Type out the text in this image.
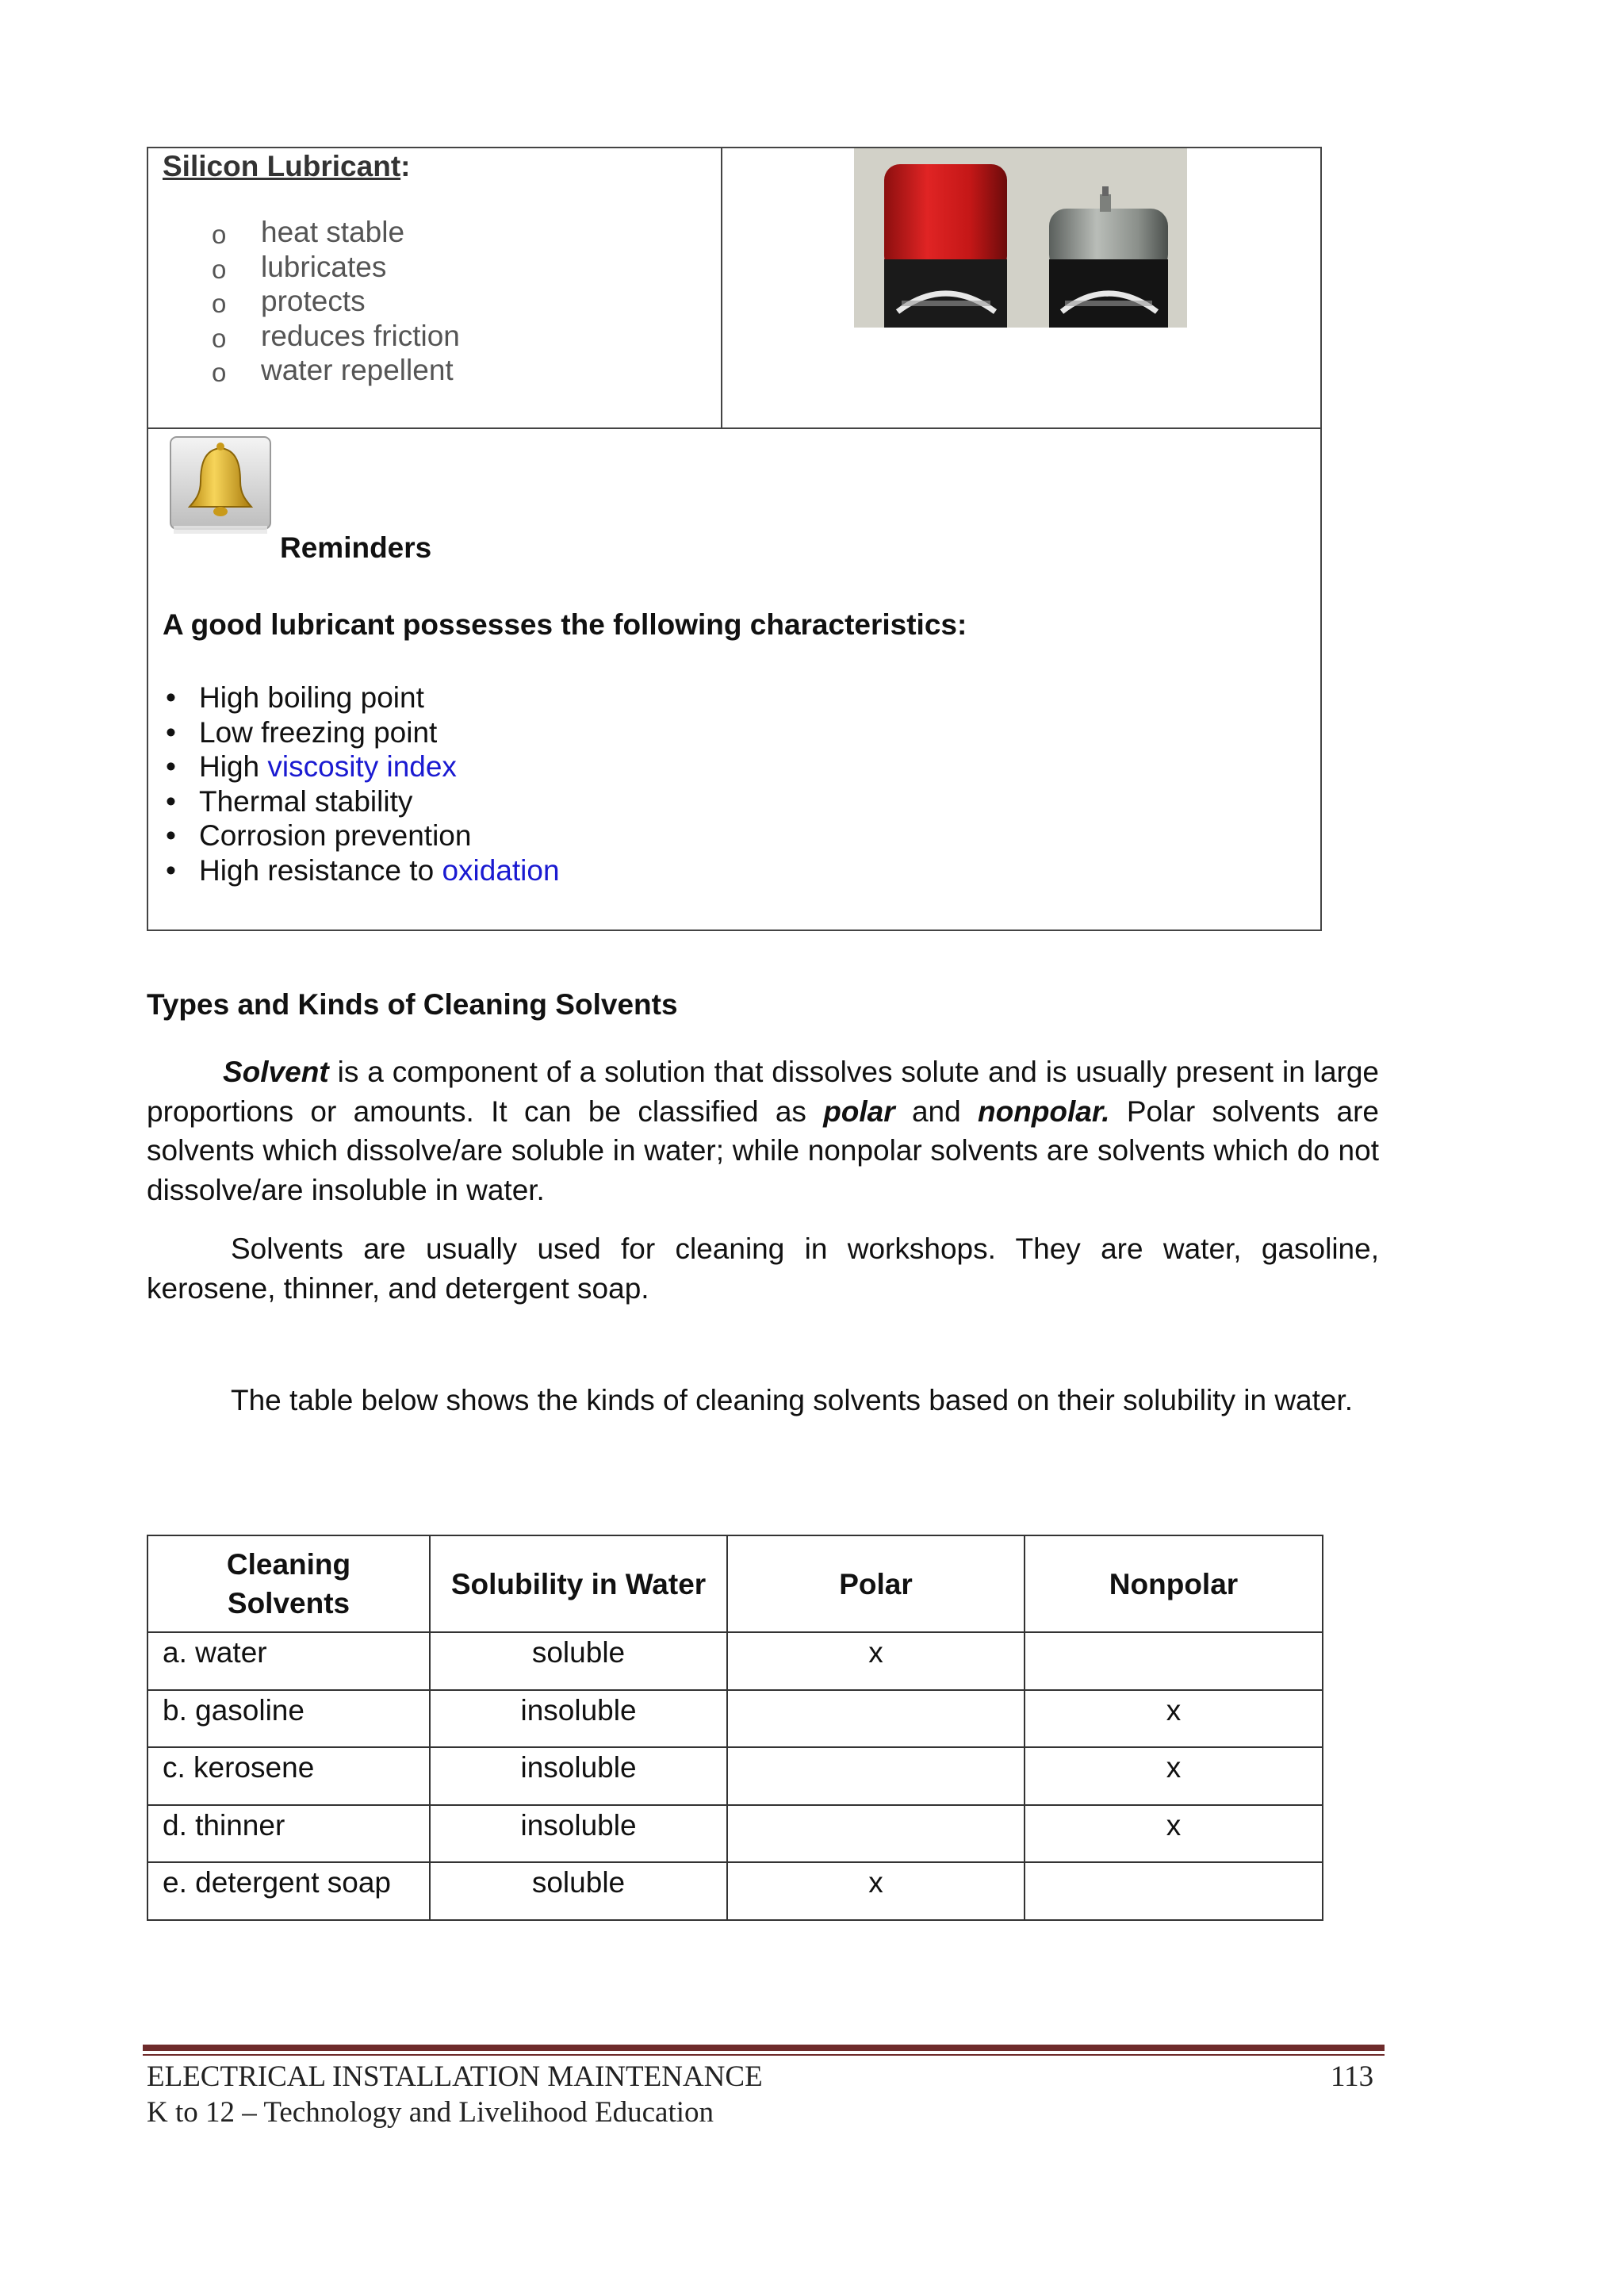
Silicon Lubricant:
o heat stable
o lubricates
o protects
o reduces friction
o water repellent
Reminders
A good lubricant possesses the following characteristics:
• High boiling point
• Low freezing point
• High viscosity index
• Thermal stability
• Corrosion prevention
• High resistance to oxidation
Types and Kinds of Cleaning Solvents
Solvent is a component of a solution that dissolves solute and is usually present in large proportions or amounts. It can be classified as polar and nonpolar. Polar solvents are solvents which dissolve/are soluble in water; while nonpolar solvents are solvents which do not dissolve/are insoluble in water.
Solvents are usually used for cleaning in workshops. They are water, gasoline, kerosene, thinner, and detergent soap.
The table below shows the kinds of cleaning solvents based on their solubility in water.
Cleaning Solvents	Solubility in Water	Polar	Nonpolar
a. water	soluble	x	
b. gasoline	insoluble		x
c. kerosene	insoluble		x
d. thinner	insoluble		x
e. detergent soap	soluble	x	
ELECTRICAL INSTALLATION MAINTENANCE
K to 12 – Technology and Livelihood Education
113
